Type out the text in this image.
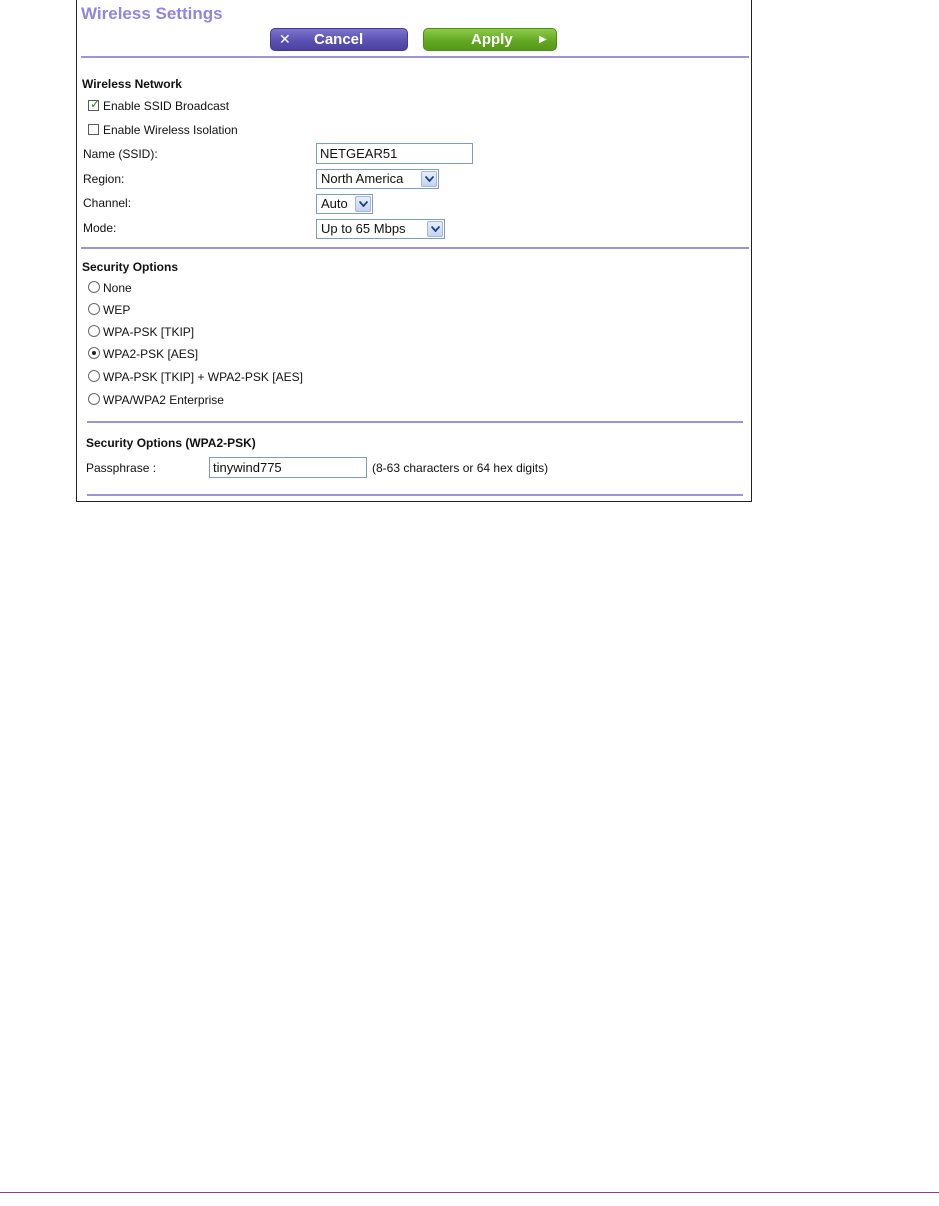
Wireless Settings
✕ Cancel	Apply	▶
Wireless Network
✓ Enable SSID Broadcast
Enable Wireless Isolation
Name (SSID):	NETGEAR51
Region:	North America
Channel:	Auto
Mode:	Up to 65 Mbps
Security Options
None
WEP
WPA-PSK [TKIP]
WPA2-PSK [AES]
WPA-PSK [TKIP] + WPA2-PSK [AES]
WPA/WPA2 Enterprise
Security Options (WPA2-PSK)
Passphrase :	tinywind775	(8-63 characters or 64 hex digits)
